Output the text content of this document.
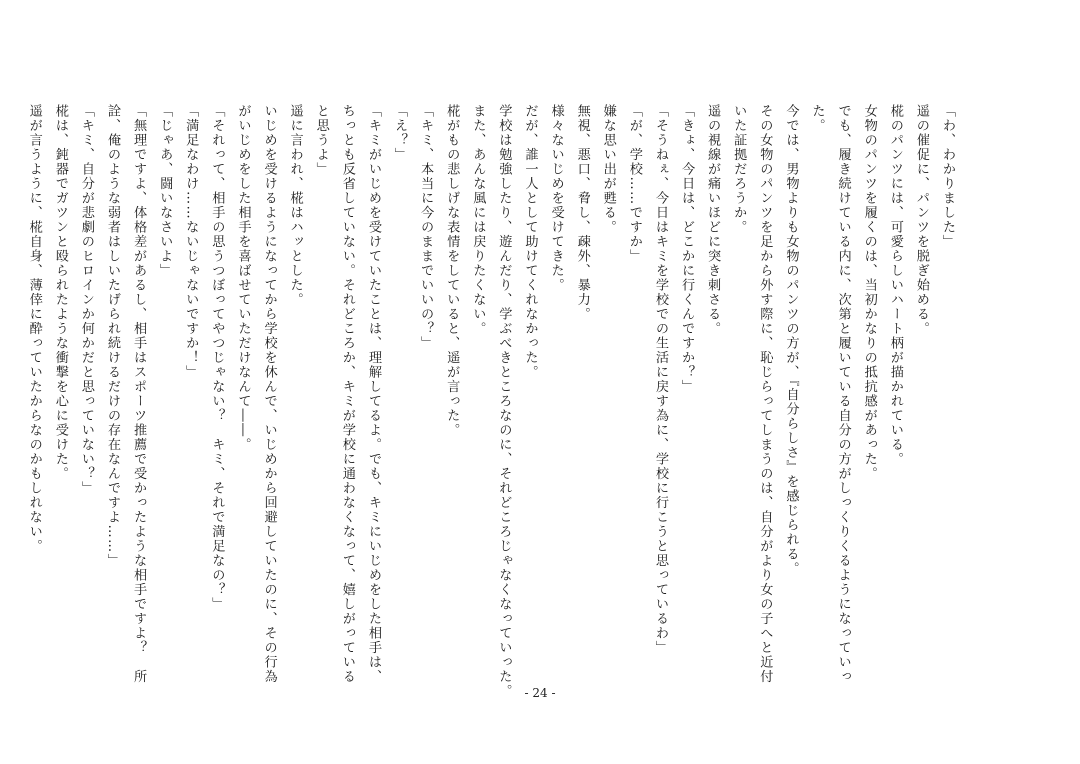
「わ、わかりました」
遥の催促に、パンツを脱ぎ始める。
椛のパンツには、可愛らしいハート柄が描かれている。
女物のパンツを履くのは、当初かなりの抵抗感があった。
でも、履き続けている内に、次第と履いている自分の方がしっくりくるようになっていっ
た。
今では、男物よりも女物のパンツの方が、『自分らしさ』を感じられる。
その女物のパンツを足から外す際に、恥じらってしまうのは、自分がより女の子へと近付
いた証拠だろうか。
遥の視線が痛いほどに突き刺さる。
「きょ、今日は、どこかに行くんですか？」
「そうねぇ、今日はキミを学校での生活に戻す為に、学校に行こうと思っているわ」
「が、学校……ですか」
嫌な思い出が甦る。
無視、悪口、脅し、疎外、暴力。
様々ないじめを受けてきた。
だが、誰一人として助けてくれなかった。
学校は勉強したり、遊んだり、学ぶべきところなのに、それどころじゃなくなっていった。
また、あんな風には戻りたくない。
椛がもの悲しげな表情をしていると、遥が言った。
「キミ、本当に今のままでいいの？」
「え？」
「キミがいじめを受けていたことは、理解してるよ。でも、キミにいじめをした相手は、
ちっとも反省していない。それどころか、キミが学校に通わなくなって、嬉しがっている
と思うよ」
遥に言われ、椛はハッとした。
いじめを受けるようになってから学校を休んで、いじめから回避していたのに、その行為
がいじめをした相手を喜ばせていただけなんて――。
「それって、相手の思うつぼってやつじゃない？　キミ、それで満足なの？」
「満足なわけ……ないじゃないですか！」
「じゃあ、闘いなさいよ」
「無理ですよ、体格差があるし、相手はスポーツ推薦で受かったような相手ですよ？　所
詮、俺のような弱者はしいたげられ続けるだけの存在なんですよ……」
「キミ、自分が悲劇のヒロインか何かだと思っていない？」
椛は、鈍器でガツンと殴られたような衝撃を心に受けた。
遥が言うように、椛自身、薄倖に酔っていたからなのかもしれない。
- 24 -
